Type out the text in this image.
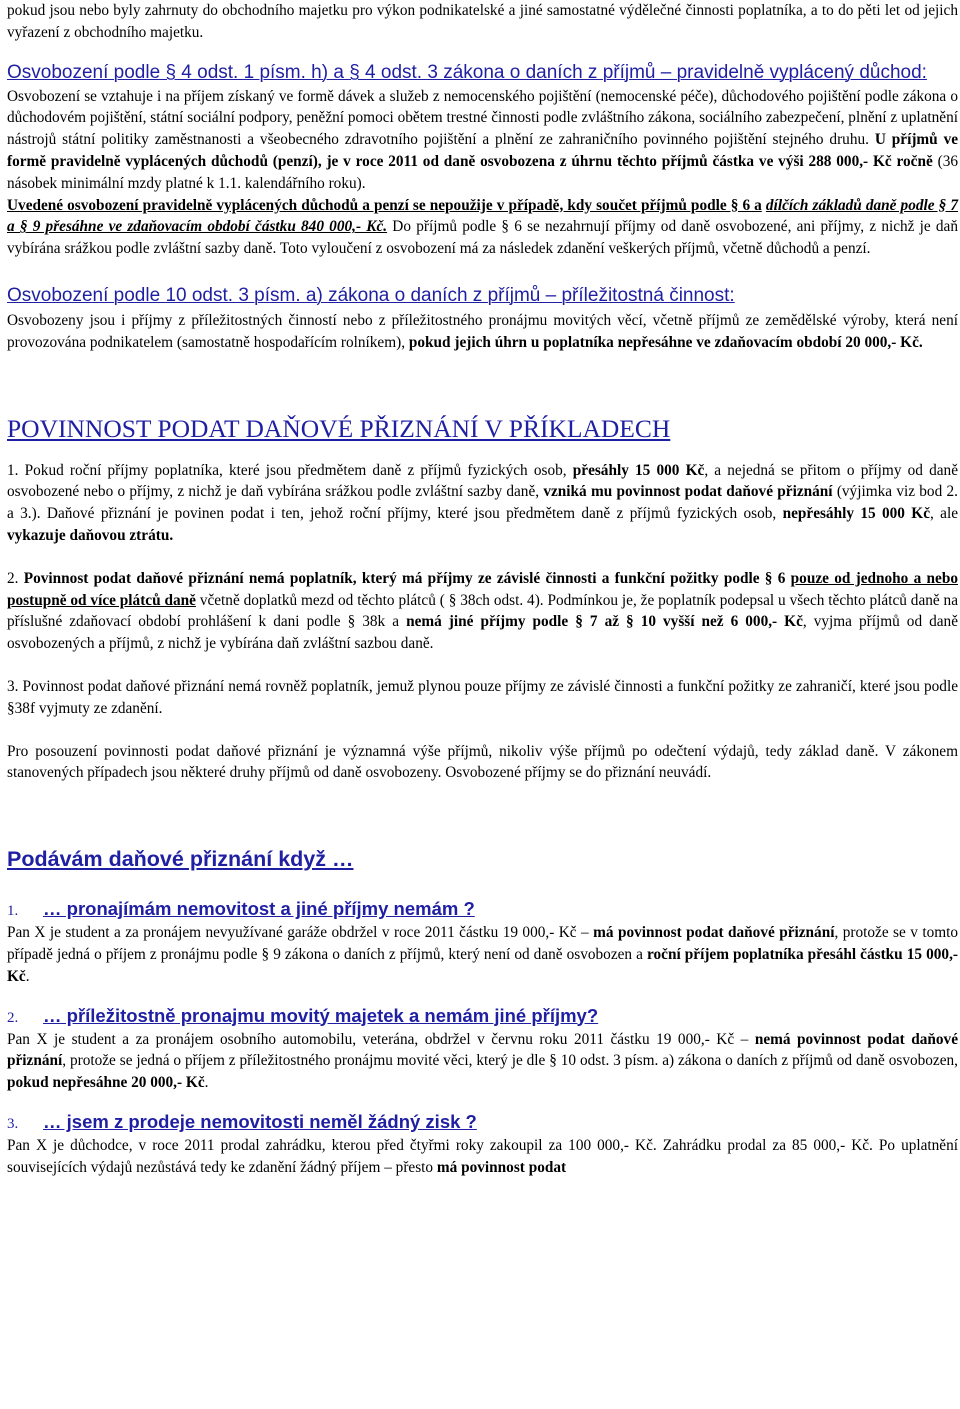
pokud jsou nebo byly zahrnuty do obchodního majetku pro výkon podnikatelské a jiné samostatné výdělečné činnosti poplatníka, a to do pěti let od jejich vyřazení z obchodního majetku.

Osvobození podle § 4 odst. 1 písm. h) a § 4 odst. 3 zákona o daních z příjmů – pravidelně vyplácený důchod:

Osvobození se vztahuje i na příjem získaný ve formě dávek a služeb z nemocenského pojištění (nemocenské péče), důchodového pojištění podle zákona o důchodovém pojištění, státní sociální podpory, peněžní pomoci obětem trestné činnosti podle zvláštního zákona, sociálního zabezpečení, plnění z uplatnění nástrojů státní politiky zaměstnanosti a všeobecného zdravotního pojištění a plnění ze zahraničního povinného pojištění stejného druhu. U příjmů ve formě pravidelně vyplácených důchodů (penzí), je v roce 2011 od daně osvobozena z úhrnu těchto příjmů částka ve výši 288 000,- Kč ročně (36 násobek minimální mzdy platné k 1.1. kalendářního roku).
Uvedené osvobození pravidelně vyplácených důchodů a penzí se nepoužije v případě, kdy součet příjmů podle § 6 a dílčích základů daně podle § 7 a § 9 přesáhne ve zdaňovacím období částku 840 000,- Kč. Do příjmů podle § 6 se nezahrnují příjmy od daně osvobozené, ani příjmy, z nichž je daň vybírána srážkou podle zvláštní sazby daně. Toto vyloučení z osvobození má za následek zdanění veškerých příjmů, včetně důchodů a penzí.

Osvobození podle 10 odst. 3 písm. a) zákona o daních z příjmů – příležitostná činnost:

Osvobozeny jsou i příjmy z příležitostných činností nebo z příležitostného pronájmu movitých věcí, včetně příjmů ze zemědělské výroby, která není provozována podnikatelem (samostatně hospodařícím rolníkem), pokud jejich úhrn u poplatníka nepřesáhne ve zdaňovacím období 20 000,- Kč.

POVINNOST PODAT DAŇOVÉ PŘIZNÁNÍ V PŘÍKLADECH

1. Pokud roční příjmy poplatníka, které jsou předmětem daně z příjmů fyzických osob, přesáhly 15 000 Kč, a nejedná se přitom o příjmy od daně osvobozené nebo o příjmy, z nichž je daň vybírána srážkou podle zvláštní sazby daně, vzniká mu povinnost podat daňové přiznání (výjimka viz bod 2. a 3.). Daňové přiznání je povinen podat i ten, jehož roční příjmy, které jsou předmětem daně z příjmů fyzických osob, nepřesáhly 15 000 Kč, ale vykazuje daňovou ztrátu.

2. Povinnost podat daňové přiznání nemá poplatník, který má příjmy ze závislé činnosti a funkční požitky podle § 6 pouze od jednoho a nebo postupně od více plátců daně včetně doplatků mezd od těchto plátců ( § 38ch odst. 4). Podmínkou je, že poplatník podepsal u všech těchto plátců daně na příslušné zdaňovací období prohlášení k dani podle § 38k a nemá jiné příjmy podle § 7 až § 10 vyšší než 6 000,- Kč, vyjma příjmů od daně osvobozených a příjmů, z nichž je vybírána daň zvláštní sazbou daně.

3. Povinnost podat daňové přiznání nemá rovněž poplatník, jemuž plynou pouze příjmy ze závislé činnosti a funkční požitky ze zahraničí, které jsou podle §38f vyjmuty ze zdanění.

Pro posouzení povinnosti podat daňové přiznání je významná výše příjmů, nikoliv výše příjmů po odečtení výdajů, tedy základ daně. V zákonem stanovených případech jsou některé druhy příjmů od daně osvobozeny. Osvobozené příjmy se do přiznání neuvádí.

Podávám daňové přiznání když …

1. … pronajímám nemovitost a jiné příjmy nemám ?

Pan X je student a za pronájem nevyužívané garáže obdržel v roce 2011 částku 19 000,- Kč – má povinnost podat daňové přiznání, protože se v tomto případě jedná o příjem z pronájmu podle § 9 zákona o daních z příjmů, který není od daně osvobozen a roční příjem poplatníka přesáhl částku 15 000,- Kč.

2. … příležitostně pronajmu movitý majetek a nemám jiné příjmy?

Pan X je student a za pronájem osobního automobilu, veterána, obdržel v červnu roku 2011 částku 19 000,- Kč – nemá povinnost podat daňové přiznání, protože se jedná o příjem z příležitostného pronájmu movité věci, který je dle § 10 odst. 3 písm. a) zákona o daních z příjmů od daně osvobozen, pokud nepřesáhne 20 000,- Kč.

3. … jsem z prodeje nemovitosti neměl žádný zisk ?

Pan X je důchodce, v roce 2011 prodal zahrádku, kterou před čtyřmi roky zakoupil za 100 000,- Kč. Zahrádku prodal za 85 000,- Kč. Po uplatnění souvisejících výdajů nezůstává tedy ke zdanění žádný příjem – přesto má povinnost podat
